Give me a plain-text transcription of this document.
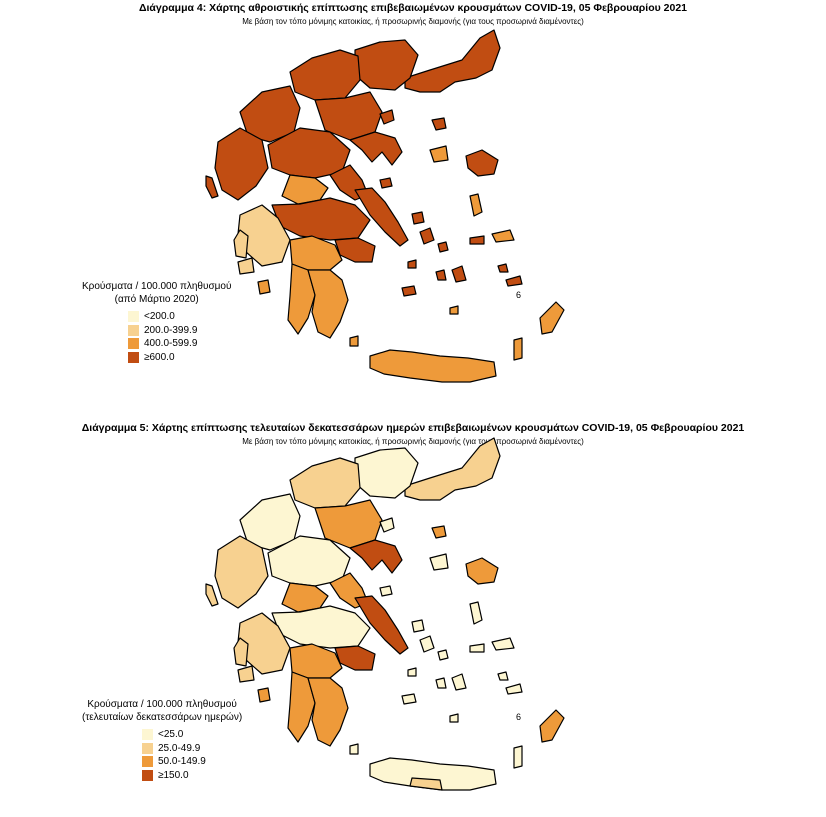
Διάγραμμα 4: Χάρτης αθροιστικής επίπτωσης επιβεβαιωμένων κρουσμάτων COVID-19, 05 Φεβρουαρίου 2021
Με βάση τον τόπο μόνιμης κατοικίας, ή προσωρινής διαμονής (για τους προσωρινά διαμένοντες)
6
Κρούσματα / 100.000 πληθυσμού
(από Μάρτιο 2020)
<200.0
200.0-399.9
400.0-599.9
≥600.0
Διάγραμμα 5: Χάρτης επίπτωσης τελευταίων δεκατεσσάρων ημερών επιβεβαιωμένων κρουσμάτων COVID-19, 05 Φεβρουαρίου 2021
Με βάση τον τόπο μόνιμης κατοικίας, ή προσωρινής διαμονής (για τους προσωρινά διαμένοντες)
6
Κρούσματα / 100.000 πληθυσμού
(τελευταίων δεκατεσσάρων ημερών)
<25.0
25.0-49.9
50.0-149.9
≥150.0
